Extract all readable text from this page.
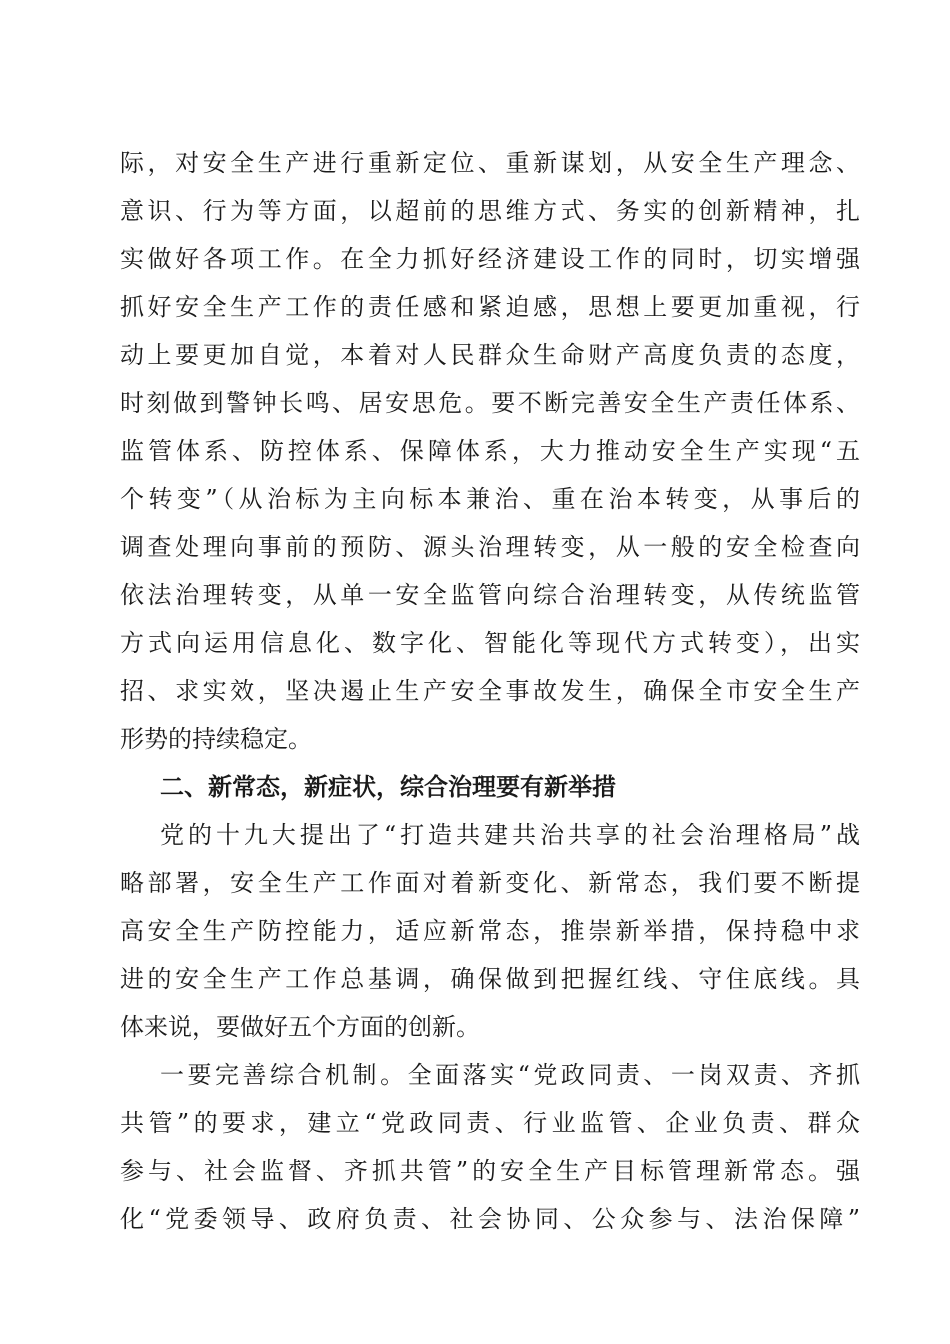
际，对安全生产进行重新定位、重新谋划，从安全生产理念、
意识、行为等方面，以超前的思维方式、务实的创新精神，扎
实做好各项工作。在全力抓好经济建设工作的同时，切实增强
抓好安全生产工作的责任感和紧迫感，思想上要更加重视，行
动上要更加自觉，本着对人民群众生命财产高度负责的态度，
时刻做到警钟长鸣、居安思危。要不断完善安全生产责任体系、
监管体系、防控体系、保障体系，大力推动安全生产实现“五
个转变”（从治标为主向标本兼治、重在治本转变，从事后的
调查处理向事前的预防、源头治理转变，从一般的安全检查向
依法治理转变，从单一安全监管向综合治理转变，从传统监管
方式向运用信息化、数字化、智能化等现代方式转变），出实
招、求实效，坚决遏止生产安全事故发生，确保全市安全生产
形势的持续稳定。
二、新常态，新症状，综合治理要有新举措
党的十九大提出了“打造共建共治共享的社会治理格局”战
略部署，安全生产工作面对着新变化、新常态，我们要不断提
高安全生产防控能力，适应新常态，推崇新举措，保持稳中求
进的安全生产工作总基调，确保做到把握红线、守住底线。具
体来说，要做好五个方面的创新。
一要完善综合机制。全面落实“党政同责、一岗双责、齐抓
共管”的要求，建立“党政同责、行业监管、企业负责、群众
参与、社会监督、齐抓共管”的安全生产目标管理新常态。强
化“党委领导、政府负责、社会协同、公众参与、法治保障”
